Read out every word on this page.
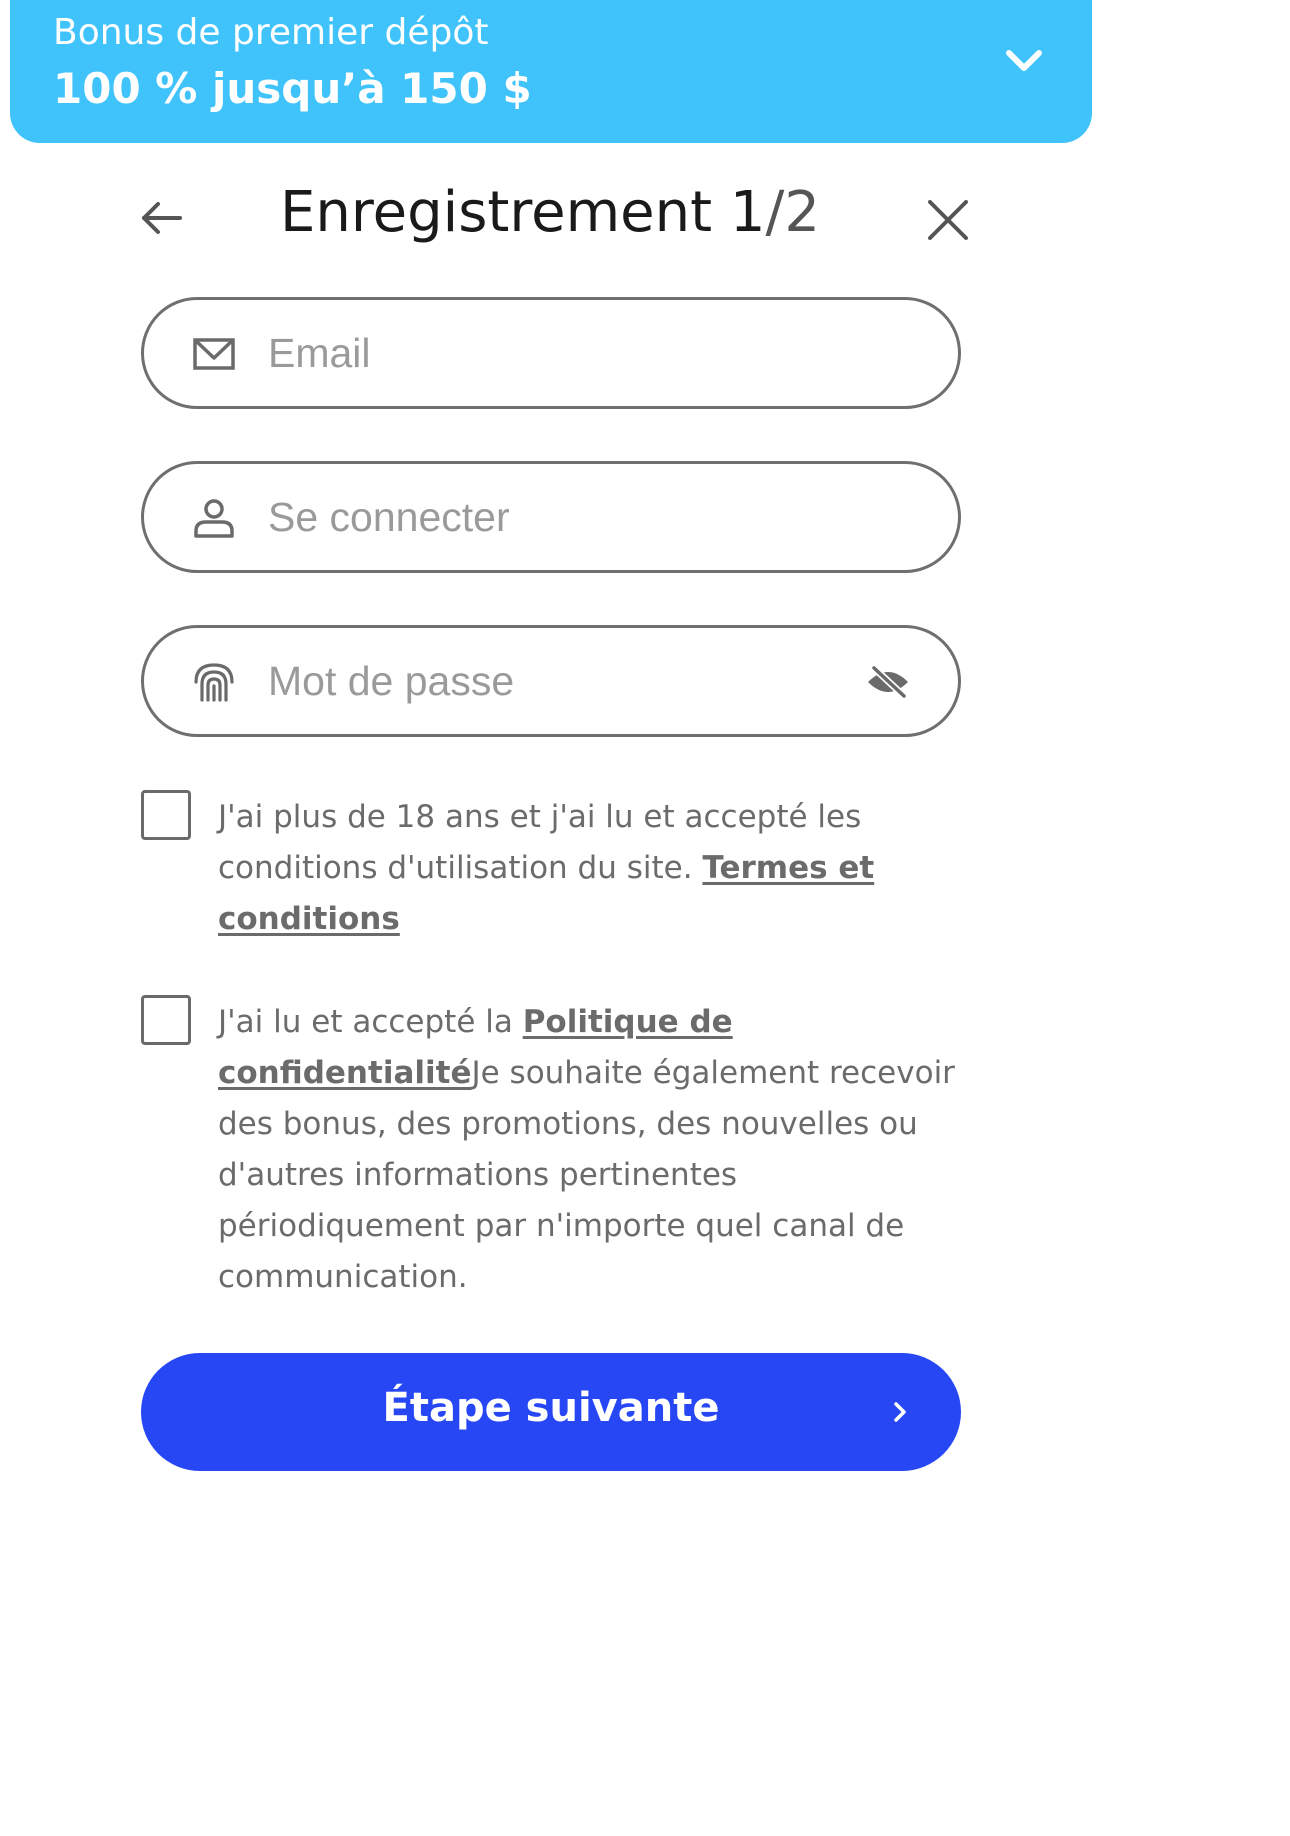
Bonus de premier dépôt
100 % jusqu’à 150 $
Enregistrement 1/2
Email
Se connecter
J'ai plus de 18 ans et j'ai lu et accepté les conditions d'utilisation du site. Termes et conditions
J'ai lu et accepté la Politique de confidentialitéJe souhaite également recevoir des bonus, des promotions, des nouvelles ou d'autres informations pertinentes périodiquement par n'importe quel canal de communication.
Étape suivante
